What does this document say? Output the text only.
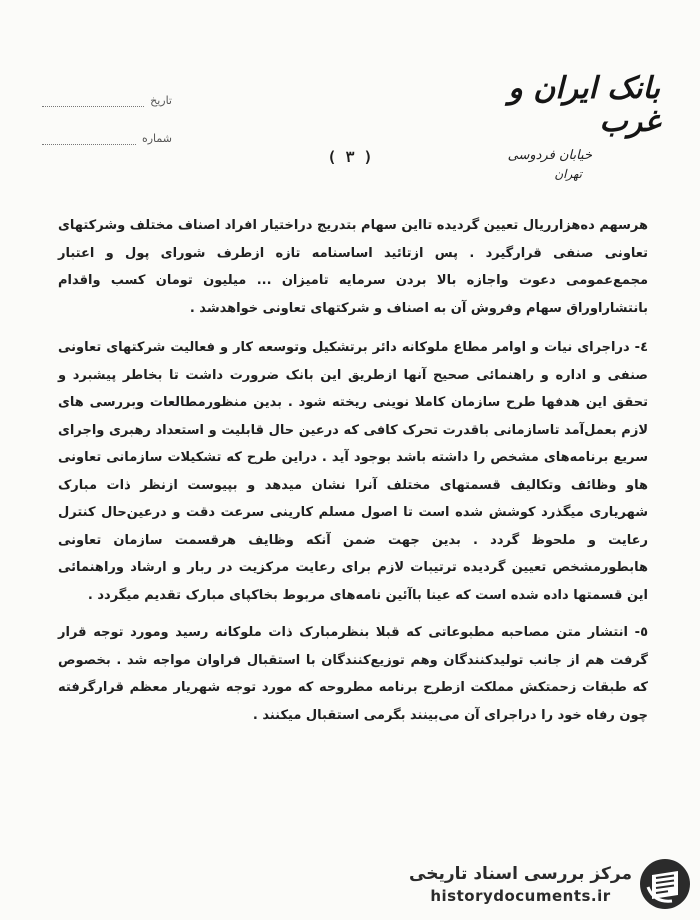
بانک ایران و غرب
خیابان فردوسی
تهران
تاریخ
شماره
( ۳ )

هرسهم ده‌هزارریال تعیین گردیده تااین سهام بتدریج دراختیار افراد اصناف مختلف وشرکتهای تعاونی صنفی قرارگیرد . پس ازتائید اساسنامه تازه ازطرف شورای پول و اعتبار مجمع‌عمومی دعوت واجازه بالا بردن سرمایه تامیزان ... میلیون تومان کسب واقدام بانتشاراوراق سهام وفروش آن به اصناف و شرکتهای تعاونی خواهدشد .

٤- دراجرای نیات و اوامر مطاع ملوکانه دائر برتشکیل وتوسعه کار و فعالیت شرکتهای تعاونی صنفی و اداره و راهنمائی صحیح آنها ازطریق این بانک ضرورت داشت تا بخاطر پیشبرد و تحقق این هدفها طرح سازمان کاملا نوینی ریخته شود . بدین منظورمطالعات وبررسی های لازم بعمل‌آمد تاسازمانی باقدرت تحرک کافی که درعین حال قابلیت و استعداد رهبری واجرای سریع برنامه‌های مشخص را داشته باشد بوجود آید . دراین طرح که تشکیلات سازمانی تعاونی هاو وظائف وتکالیف قسمتهای مختلف آنرا نشان میدهد و بپیوست ازنظر ذات مبارک شهریاری میگذرد کوشش شده است تا اصول مسلم کارینی سرعت دقت و درعین‌حال کنترل رعایت و ملحوظ گردد . بدین جهت ضمن آنکه وظایف هرقسمت سازمان تعاونی هابطورمشخص تعیین گردیده ترتیبات لازم برای رعایت مرکزیت در ربار و ارشاد وراهنمائی این قسمتها داده شده است که عینا باآئین نامه‌های مربوط بخاکپای مبارک تقدیم میگردد .

٥- انتشار متن مصاحبه مطبوعاتی که قبلا بنظرمبارک ذات ملوکانه رسید ومورد توجه قرار گرفت هم از جانب تولیدکنندگان وهم توزیع‌کنندگان با استقبال فراوان مواجه شد . بخصوص که طبقات زحمتکش مملکت ازطرح برنامه مطروحه که مورد توجه شهریار معظم قرارگرفته چون رفاه خود را دراجرای آن می‌بینند بگرمی استقبال میکنند .

مرکز بررسی اسناد تاریخی
historydocuments.ir
